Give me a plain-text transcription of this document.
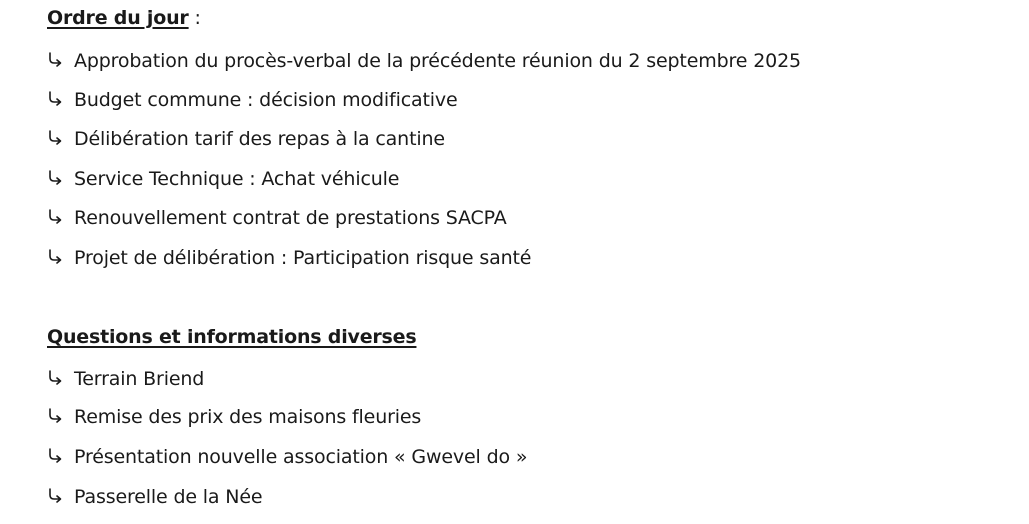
Ordre du jour :
Approbation du procès-verbal de la précédente réunion du 2 septembre 2025
Budget commune : décision modificative
Délibération tarif des repas à la cantine
Service Technique : Achat véhicule
Renouvellement contrat de prestations SACPA
Projet de délibération : Participation risque santé
Questions et informations diverses
Terrain Briend
Remise des prix des maisons fleuries
Présentation nouvelle association « Gwevel do »
Passerelle de la Née
